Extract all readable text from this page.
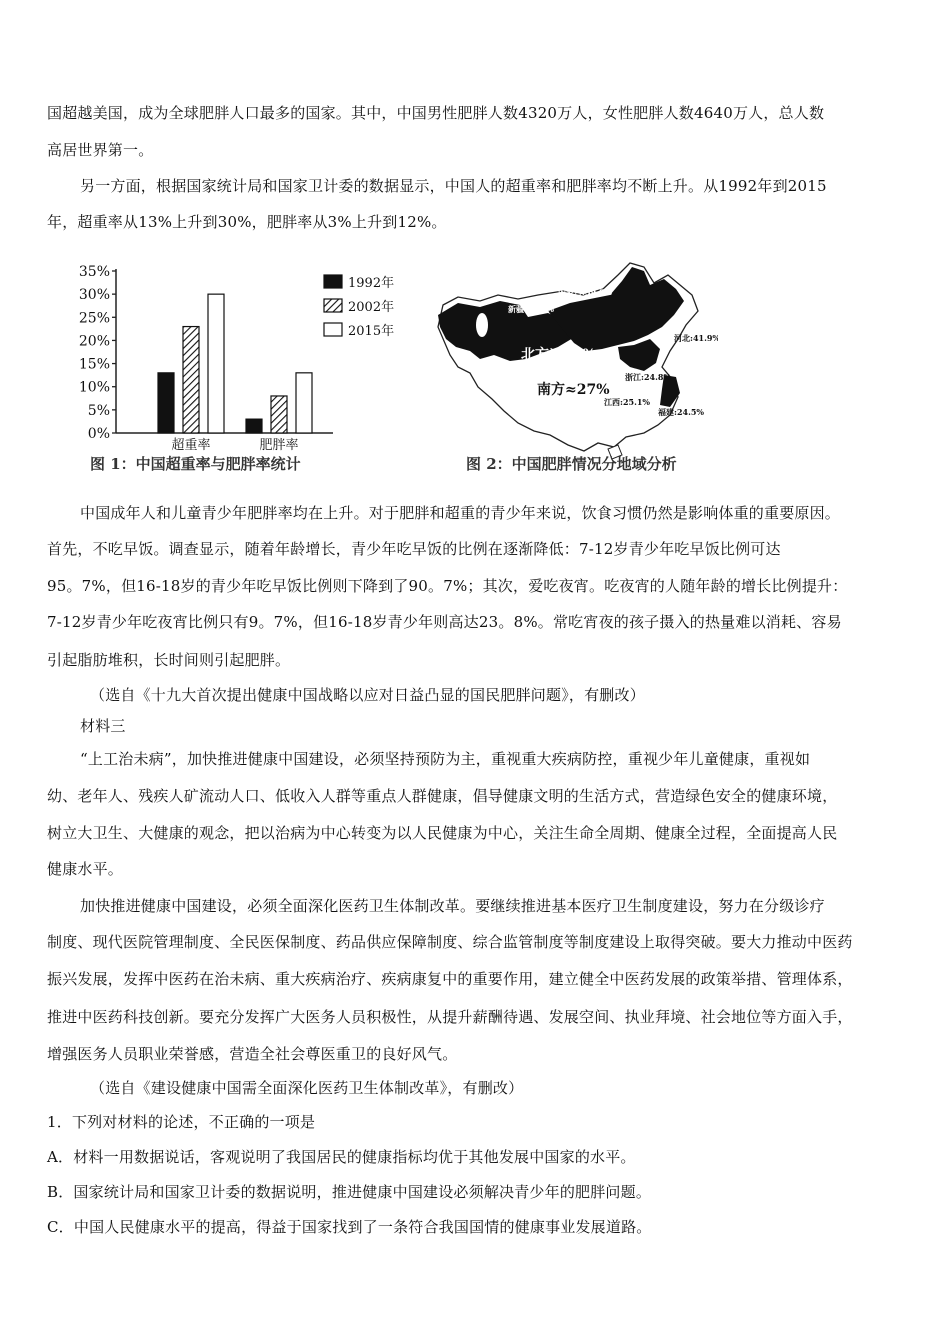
国超越美国，成为全球肥胖人口最多的国家。其中，中国男性肥胖人数4320万人，女性肥胖人数4640万人，总人数
高居世界第一。
另一方面，根据国家统计局和国家卫计委的数据显示，中国人的超重率和肥胖率均不断上升。从1992年到2015
年，超重率从13%上升到30%，肥胖率从3%上升到12%。
35%
30%
25%
20%
15%
10%
5%
0%
超重率	肥胖率
1992年
2002年
2015年
图 1：中国超重率与肥胖率统计
内蒙古:39.6%
新疆:37.8%
河北:41.9%
北方＞35%
南方≈27%
浙江:24.8%
江西:25.1%
福建:24.5%
图 2：中国肥胖情况分地域分析
中国成年人和儿童青少年肥胖率均在上升。对于肥胖和超重的青少年来说，饮食习惯仍然是影响体重的重要原因。
首先，不吃早饭。调查显示，随着年龄增长，青少年吃早饭的比例在逐渐降低：7-12岁青少年吃早饭比例可达
95。7%，但16-18岁的青少年吃早饭比例则下降到了90。7%；其次，爱吃夜宵。吃夜宵的人随年龄的增长比例提升：
7-12岁青少年吃夜宵比例只有9。7%，但16-18岁青少年则高达23。8%。常吃宵夜的孩子摄入的热量难以消耗、容易
引起脂肪堆积，长时间则引起肥胖。
（选自《十九大首次提出健康中国战略以应对日益凸显的国民肥胖问题》，有删改）
材料三
“上工治未病”，加快推进健康中国建设，必须坚持预防为主，重视重大疾病防控，重视少年儿童健康，重视如
幼、老年人、残疾人矿流动人口、低收入人群等重点人群健康，倡导健康文明的生活方式，营造绿色安全的健康环境，
树立大卫生、大健康的观念，把以治病为中心转变为以人民健康为中心，关注生命全周期、健康全过程，全面提高人民
健康水平。
加快推进健康中国建设，必须全面深化医药卫生体制改革。要继续推进基本医疗卫生制度建设，努力在分级诊疗
制度、现代医院管理制度、全民医保制度、药品供应保障制度、综合监管制度等制度建设上取得突破。要大力推动中医药
振兴发展，发挥中医药在治未病、重大疾病治疗、疾病康复中的重要作用，建立健全中医药发展的政策举措、管理体系，
推进中医药科技创新。要充分发挥广大医务人员积极性，从提升薪酬待遇、发展空间、执业拜境、社会地位等方面入手，
增强医务人员职业荣誉感，营造全社会尊医重卫的良好风气。
（选自《建设健康中国需全面深化医药卫生体制改革》，有删改）
1．下列对材料的论述，不正确的一项是
A．材料一用数据说话，客观说明了我国居民的健康指标均优于其他发展中国家的水平。
B．国家统计局和国家卫计委的数据说明，推进健康中国建设必须解决青少年的肥胖问题。
C．中国人民健康水平的提高，得益于国家找到了一条符合我国国情的健康事业发展道路。
